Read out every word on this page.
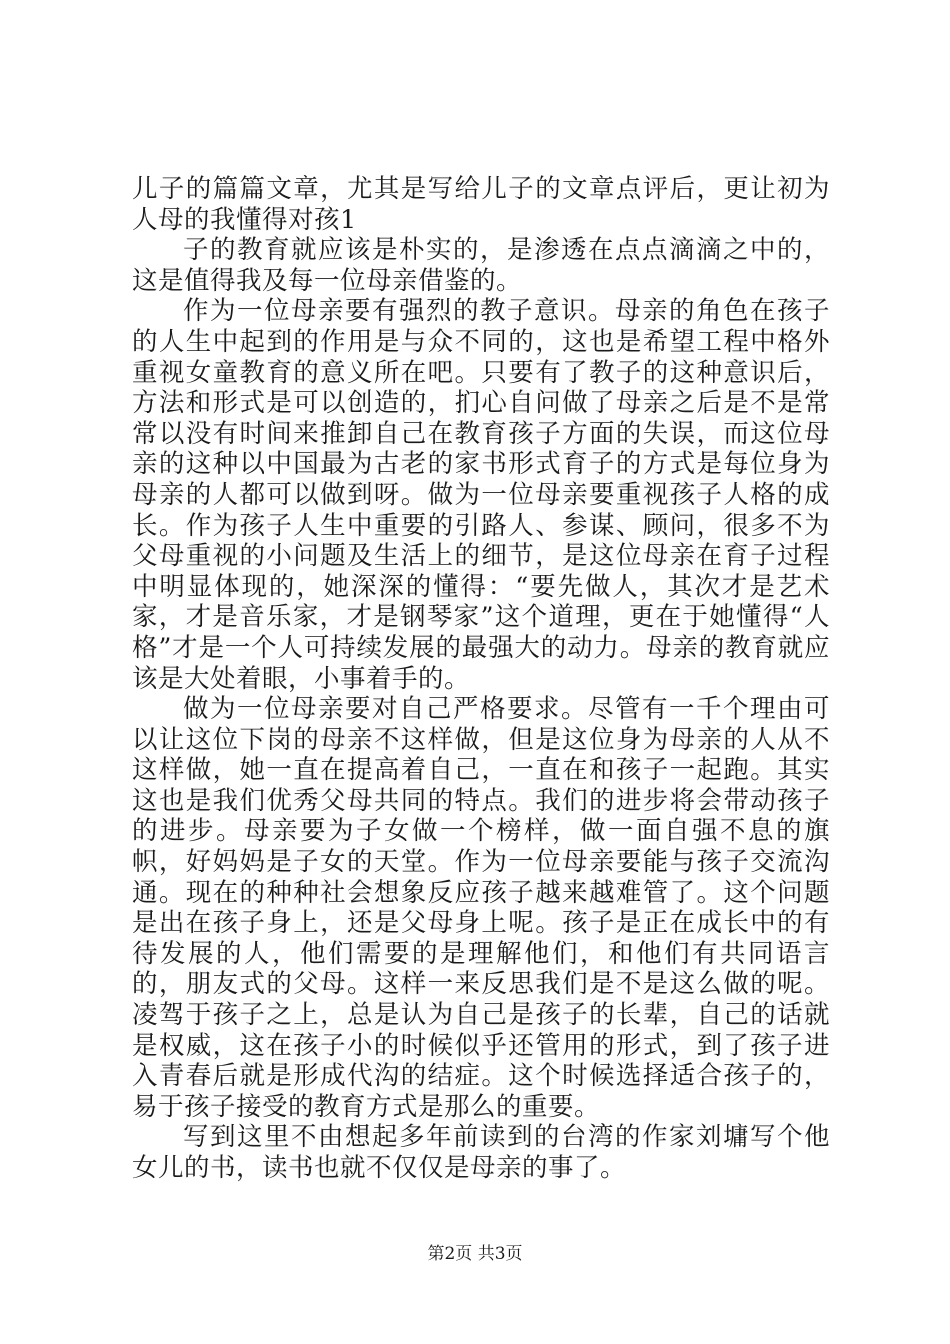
儿子的篇篇文章，尤其是写给儿子的文章点评后，更让初为人母的我懂得对孩1

子的教育就应该是朴实的，是渗透在点点滴滴之中的，这是值得我及每一位母亲借鉴的。

作为一位母亲要有强烈的教子意识。母亲的角色在孩子的人生中起到的作用是与众不同的，这也是希望工程中格外重视女童教育的意义所在吧。只要有了教子的这种意识后，方法和形式是可以创造的，扪心自问做了母亲之后是不是常常以没有时间来推卸自己在教育孩子方面的失误，而这位母亲的这种以中国最为古老的家书形式育子的方式是每位身为母亲的人都可以做到呀。做为一位母亲要重视孩子人格的成长。作为孩子人生中重要的引路人、参谋、顾问，很多不为父母重视的小问题及生活上的细节，是这位母亲在育子过程中明显体现的，她深深的懂得：“要先做人，其次才是艺术家，才是音乐家，才是钢琴家”这个道理，更在于她懂得“人格”才是一个人可持续发展的最强大的动力。母亲的教育就应该是大处着眼，小事着手的。

做为一位母亲要对自己严格要求。尽管有一千个理由可以让这位下岗的母亲不这样做，但是这位身为母亲的人从不这样做，她一直在提高着自己，一直在和孩子一起跑。其实这也是我们优秀父母共同的特点。我们的进步将会带动孩子的进步。母亲要为子女做一个榜样，做一面自强不息的旗帜，好妈妈是子女的天堂。作为一位母亲要能与孩子交流沟通。现在的种种社会想象反应孩子越来越难管了。这个问题是出在孩子身上，还是父母身上呢。孩子是正在成长中的有待发展的人，他们需要的是理解他们，和他们有共同语言的，朋友式的父母。这样一来反思我们是不是这么做的呢。凌驾于孩子之上，总是认为自己是孩子的长辈，自己的话就是权威，这在孩子小的时候似乎还管用的形式，到了孩子进入青春后就是形成代沟的结症。这个时候选择适合孩子的，易于孩子接受的教育方式是那么的重要。

写到这里不由想起多年前读到的台湾的作家刘墉写个他女儿的书，读书也就不仅仅是母亲的事了。

第2页 共3页
